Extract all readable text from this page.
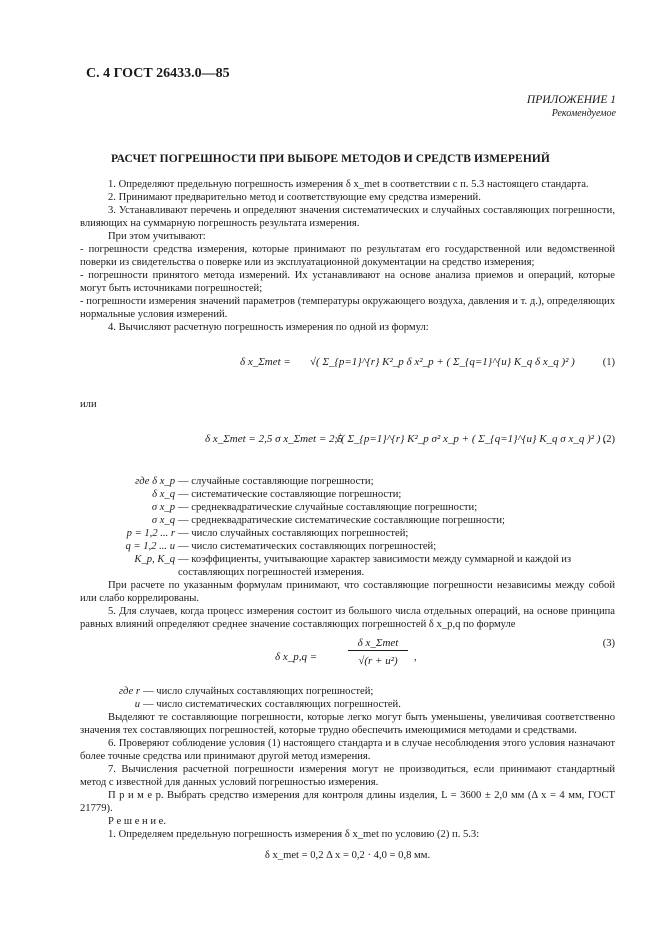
С. 4 ГОСТ 26433.0—85
ПРИЛОЖЕНИЕ 1
Рекомендуемое
РАСЧЕТ ПОГРЕШНОСТИ ПРИ ВЫБОРЕ МЕТОДОВ И СРЕДСТВ ИЗМЕРЕНИЙ

1. Определяют предельную погрешность измерения δ x_met в соответствии с п. 5.3 настоящего стандарта.

2. Принимают предварительно метод и соответствующие ему средства измерений.

3. Устанавливают перечень и определяют значения систематических и случайных составляющих погрешности, влияющих на суммарную погрешность результата измерения.

При этом учитывают:

- погрешности средства измерения, которые принимают по результатам его государственной или ведомственной поверки из свидетельства о поверке или из эксплуатационной документации на средство измерения;

- погрешности принятого метода измерений. Их устанавливают на основе анализа приемов и операций, которые могут быть источниками погрешностей;

- погрешности измерения значений параметров (температуры окружающего воздуха, давления и т. д.), определяющих нормальные условия измерений.

4. Вычисляют расчетную погрешность измерения по одной из формул:

δ x_Σmet = √( Σ_{p=1}^{r} K²_p δ x²_p + ( Σ_{q=1}^{u} K_q δ x_q )² )	(1)

или

δ x_Σmet = 2,5 σ x_Σmet = 2,5
√( Σ_{p=1}^{r} K²_p σ² x_p + ( Σ_{q=1}^{u} K_q σ x_q )² ) ,
(2)
где δ x_p — случайные составляющие погрешности;
δ x_q — систематические составляющие погрешности;
σ x_p — среднеквадратические случайные составляющие погрешности;
σ x_q — среднеквадратические систематические составляющие погрешности;
p = 1,2 ... r — число случайных составляющих погрешностей;
q = 1,2 ... u — число систематических составляющих погрешностей;
K_p, K_q — коэффициенты, учитывающие характер зависимости между суммарной и каждой из составляющих погрешностей измерения.

При расчете по указанным формулам принимают, что составляющие погрешности независимы между собой или слабо коррелированы.

5. Для случаев, когда процесс измерения состоит из большого числа отдельных операций, на основе принципа равных влияний определяют среднее значение составляющих погрешностей δ x_p,q по формуле

δ x_p,q =
δ x_Σmet
√(r + u²)	,
(3)
где r — число случайных составляющих погрешностей;
u — число систематических составляющих погрешностей.

Выделяют те составляющие погрешности, которые легко могут быть уменьшены, увеличивая соответственно значения тех составляющих погрешностей, которые трудно обеспечить имеющимися методами и средствами.

6. Проверяют соблюдение условия (1) настоящего стандарта и в случае несоблюдения этого условия назначают более точные средства или принимают другой метод измерения.

7. Вычисления расчетной погрешности измерения могут не производиться, если принимают стандартный метод с известной для данных условий погрешностью измерения.

П р и м е р. Выбрать средство измерения для контроля длины изделия, L = 3600 ± 2,0 мм (Δ x = 4 мм, ГОСТ 21779).

Р е ш е н и е.

1. Определяем предельную погрешность измерения δ x_met по условию (2) п. 5.3:

δ x_met = 0,2 Δ x = 0,2 · 4,0 = 0,8 мм.
